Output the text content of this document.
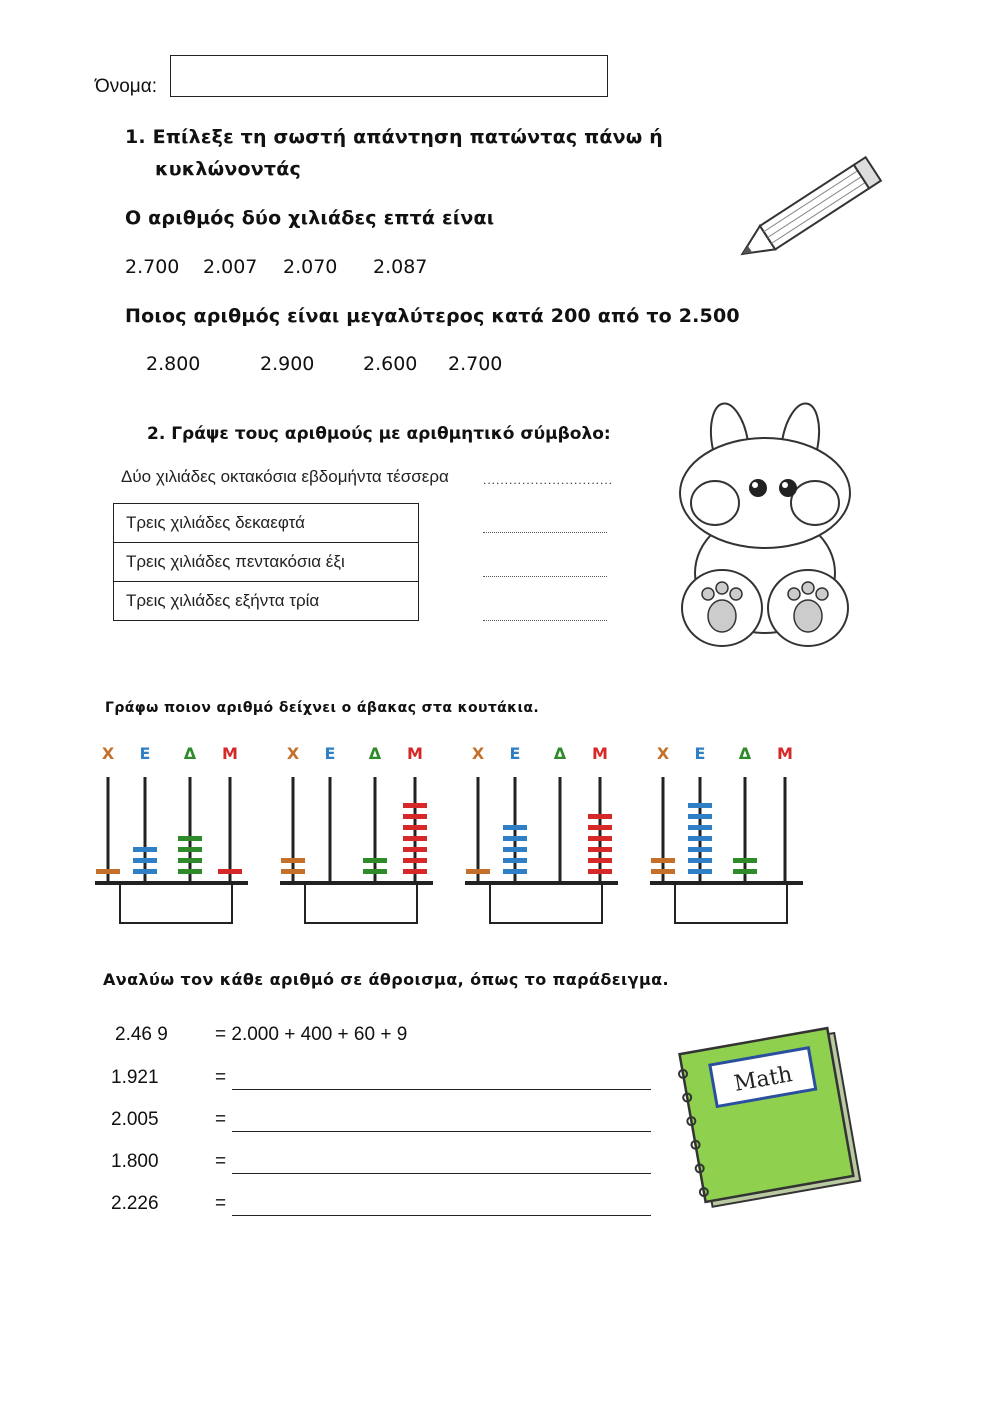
Όνομα:
1. Επίλεξε τη σωστή απάντηση πατώντας πάνω ή
κυκλώνοντάς
Ο αριθμός δύο χιλιάδες επτά είναι
2.700 2.007 2.070 2.087
Ποιος αριθμός είναι μεγαλύτερος κατά 200 από το 2.500
2.800	2.900	2.600 2.700
2. Γράψε τους αριθμούς με αριθμητικό σύμβολο:
Δύο χιλιάδες οκτακόσια εβδομήντα τέσσερα	..............................
Τρεις χιλιάδες δεκαεφτά
Τρεις χιλιάδες πεντακόσια έξι
Τρεις χιλιάδες εξήντα τρία
Γράφω ποιον αριθμό δείχνει ο άβακας στα κουτάκια.
Χ Ε Δ Μ	Χ Ε Δ Μ	Χ Ε Δ Μ	Χ Ε Δ Μ
Αναλύω τον κάθε αριθμό σε άθροισμα, όπως το παράδειγμα.
2.46 9 = 2.000 + 400 + 60 + 9
1.921	=
2.005	=
1.800	=
2.226	=
Math
